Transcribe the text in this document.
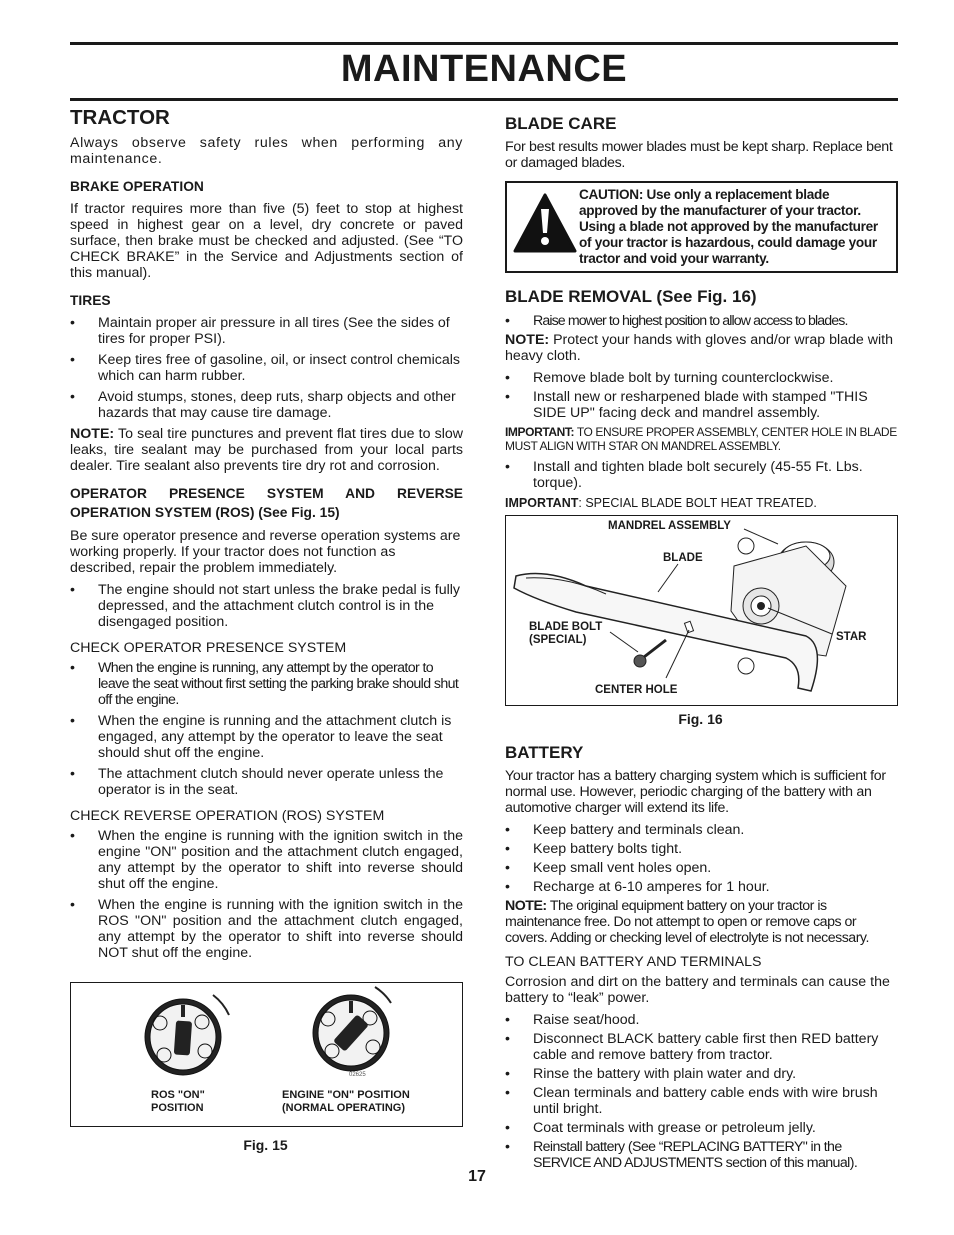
MAINTENANCE
TRACTOR

Always observe safety rules when performing any maintenance.

BRAKE OPERATION

If tractor requires more than five (5) feet to stop at highest speed in highest gear on a level, dry concrete or paved surface, then brake must be checked and adjusted. (See “TO CHECK BRAKE” in the Service and Adjustments section of this manual).

TIRES
• Maintain proper air pressure in all tires (See the sides of tires for proper PSI).
• Keep tires free of gasoline, oil, or insect control chemicals which can harm rubber.
• Avoid stumps, stones, deep ruts, sharp objects and other hazards that may cause tire damage.

NOTE: To seal tire punctures and prevent flat tires due to slow leaks, tire sealant may be purchased from your local parts dealer. Tire sealant also prevents tire dry rot and corrosion.

OPERATOR PRESENCE SYSTEM AND REVERSE OPERATION SYSTEM (ROS) (See Fig. 15)

Be sure operator presence and reverse operation systems are working properly. If your tractor does not function as described, repair the problem immediately.

• The engine should not start unless the brake pedal is fully depressed, and the attachment clutch control is in the disengaged position.
CHECK OPERATOR PRESENCE SYSTEM
• When the engine is running, any attempt by the operator to leave the seat without first setting the parking brake should shut off the engine.
• When the engine is running and the attachment clutch is engaged, any attempt by the operator to leave the seat should shut off the engine.
• The attachment clutch should never operate unless the operator is in the seat.
CHECK REVERSE OPERATION (ROS) SYSTEM
• When the engine is running with the ignition switch in the engine "ON" position and the attachment clutch engaged, any attempt by the operator to shift into reverse should shut off the engine.
• When the engine is running with the ignition switch in the ROS "ON" position and the attachment clutch engaged, any attempt by the operator to shift into reverse should NOT shut off the engine.
ROS "ON" POSITION
ENGINE "ON" POSITION (NORMAL OPERATING)
02625
Fig. 15
BLADE CARE

For best results mower blades must be kept sharp. Replace bent or damaged blades.

CAUTION: Use only a replacement blade approved by the manufacturer of your tractor. Using a blade not approved by the manufacturer of your tractor is hazardous, could damage your tractor and void your warranty.
BLADE REMOVAL (See Fig. 16)
• Raise mower to highest position to allow access to blades.

NOTE: Protect your hands with gloves and/or wrap blade with heavy cloth.

• Remove blade bolt by turning counterclockwise.
• Install new or resharpened blade with stamped "THIS SIDE UP" facing deck and mandrel assembly.

IMPORTANT: TO ENSURE PROPER ASSEMBLY, CENTER HOLE IN BLADE MUST ALIGN WITH STAR ON MANDREL ASSEMBLY.

• Install and tighten blade bolt securely (45-55 Ft. Lbs. torque).

IMPORTANT: SPECIAL BLADE BOLT HEAT TREATED.

MANDREL ASSEMBLY
BLADE
BLADE BOLT (SPECIAL)	STAR
CENTER HOLE
Fig. 16
BATTERY

Your tractor has a battery charging system which is sufficient for normal use. However, periodic charging of the battery with an automotive charger will extend its life.

• Keep battery and terminals clean.
• Keep battery bolts tight.
• Keep small vent holes open.
• Recharge at 6-10 amperes for 1 hour.

NOTE: The original equipment battery on your tractor is maintenance free. Do not attempt to open or remove caps or covers. Adding or checking level of electrolyte is not necessary.

TO CLEAN BATTERY AND TERMINALS

Corrosion and dirt on the battery and terminals can cause the battery to “leak” power.

• Raise seat/hood.
• Disconnect BLACK battery cable first then RED battery cable and remove battery from tractor.
• Rinse the battery with plain water and dry.
• Clean terminals and battery cable ends with wire brush until bright.
• Coat terminals with grease or petroleum jelly.
• Reinstall battery (See “REPLACING BATTERY" in the SERVICE AND ADJUSTMENTS section of this manual).
17
